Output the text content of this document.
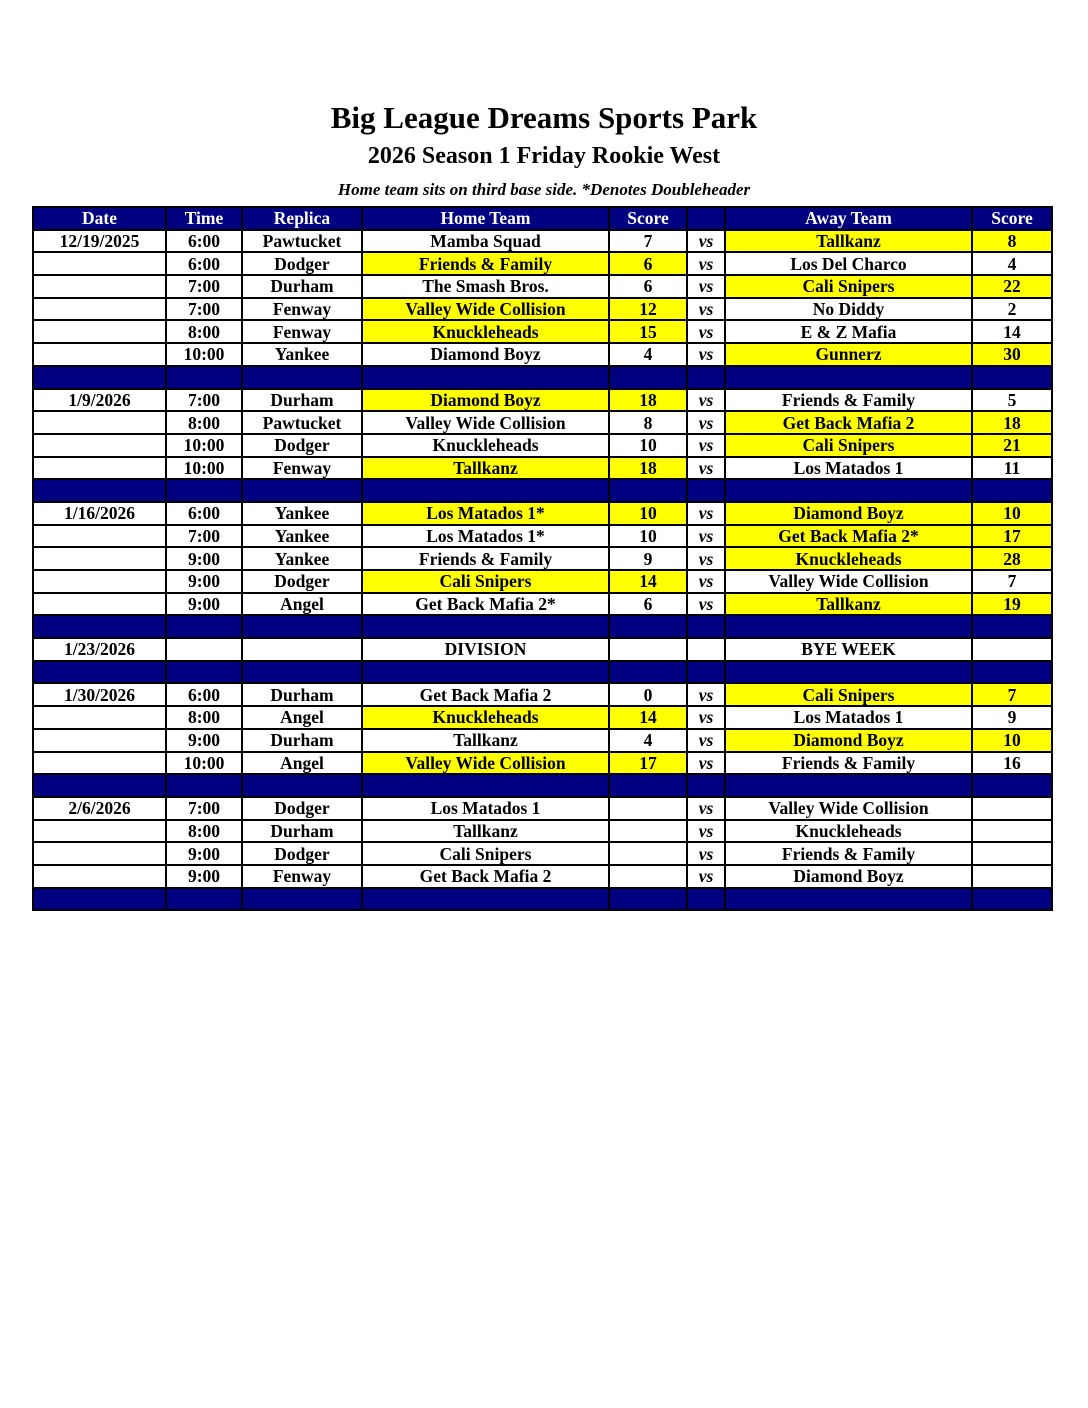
Big League Dreams Sports Park
2026 Season 1 Friday Rookie West
Home team sits on third base side. *Denotes Doubleheader
Date	Time	Replica	Home Team	Score		Away Team	Score
12/19/2025	6:00	Pawtucket	Mamba Squad	7	vs	Tallkanz	8
	6:00	Dodger	Friends & Family	6	vs	Los Del Charco	4
	7:00	Durham	The Smash Bros.	6	vs	Cali Snipers	22
	7:00	Fenway	Valley Wide Collision	12	vs	No Diddy	2
	8:00	Fenway	Knuckleheads	15	vs	E & Z Mafia	14
	10:00	Yankee	Diamond Boyz	4	vs	Gunnerz	30

1/9/2026	7:00	Durham	Diamond Boyz	18	vs	Friends & Family	5
	8:00	Pawtucket	Valley Wide Collision	8	vs	Get Back Mafia 2	18
	10:00	Dodger	Knuckleheads	10	vs	Cali Snipers	21
	10:00	Fenway	Tallkanz	18	vs	Los Matados 1	11

1/16/2026	6:00	Yankee	Los Matados 1*	10	vs	Diamond Boyz	10
	7:00	Yankee	Los Matados 1*	10	vs	Get Back Mafia 2*	17
	9:00	Yankee	Friends & Family	9	vs	Knuckleheads	28
	9:00	Dodger	Cali Snipers	14	vs	Valley Wide Collision	7
	9:00	Angel	Get Back Mafia 2*	6	vs	Tallkanz	19

1/23/2026			DIVISION			BYE WEEK	

1/30/2026	6:00	Durham	Get Back Mafia 2	0	vs	Cali Snipers	7
	8:00	Angel	Knuckleheads	14	vs	Los Matados 1	9
	9:00	Durham	Tallkanz	4	vs	Diamond Boyz	10
	10:00	Angel	Valley Wide Collision	17	vs	Friends & Family	16

2/6/2026	7:00	Dodger	Los Matados 1		vs	Valley Wide Collision	
	8:00	Durham	Tallkanz		vs	Knuckleheads	
	9:00	Dodger	Cali Snipers		vs	Friends & Family	
	9:00	Fenway	Get Back Mafia 2		vs	Diamond Boyz	
